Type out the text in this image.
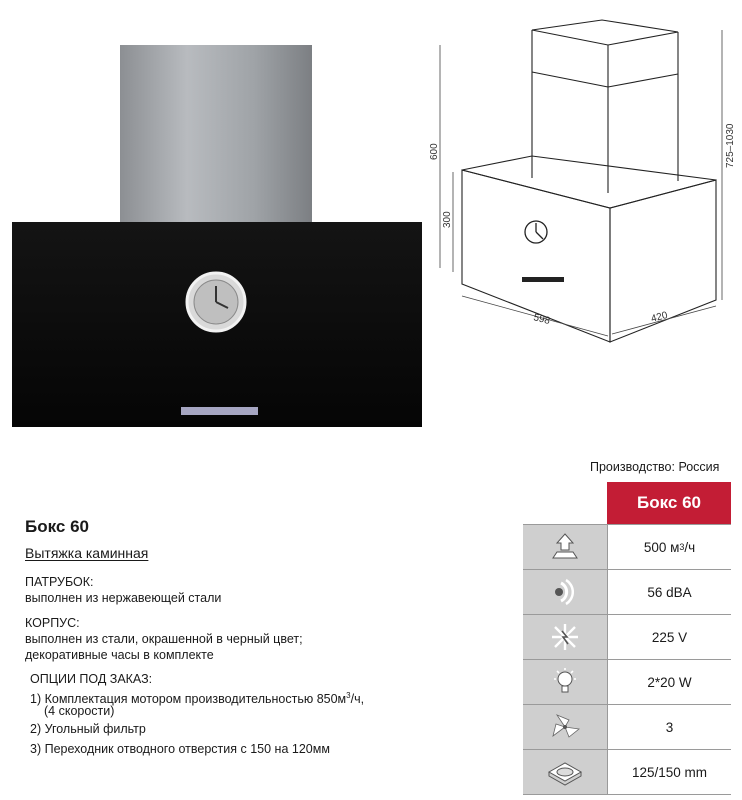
600
300
725–1030
598	420
Бокс 60
Вытяжка каминная
ПАТРУБОК:
выполнен из нержавеющей стали
КОРПУС:
выполнен из стали, окрашенной в черный цвет;
декоративные часы в комплекте
ОПЦИИ ПОД ЗАКАЗ:
1) Комплектация мотором производительностью $850м^3/ч$,
(4 скорости)
2) Угольный фильтр
3) Переходник отводного отверстия с 150 на 120мм
Производство: Россия
Бокс 60
500 м 3 /ч
56 dBA
225 V
2*20 W
3
125/150 mm
